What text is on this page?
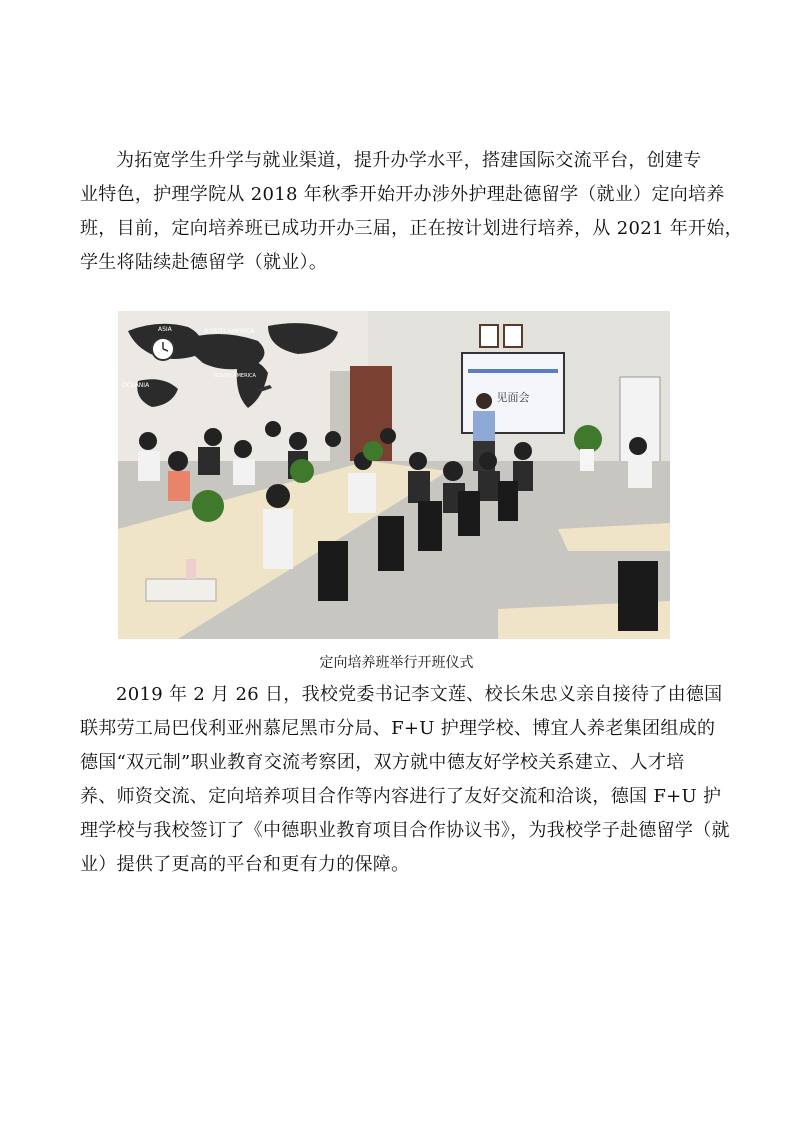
为拓宽学生升学与就业渠道，提升办学水平，搭建国际交流平台，创建专
业特色，护理学院从 2018 年秋季开始开办涉外护理赴德留学（就业）定向培养
班，目前，定向培养班已成功开办三届，正在按计划进行培养，从 2021 年开始，
学生将陆续赴德留学（就业）。
ASIA	NORTH AMERICA
SOUTH AMERICA
OCEANIA
见面会
定向培养班举行开班仪式
2019 年 2 月 26 日，我校党委书记李文莲、校长朱忠义亲自接待了由德国
联邦劳工局巴伐利亚州慕尼黑市分局、F+U 护理学校、博宜人养老集团组成的
德国“双元制”职业教育交流考察团，双方就中德友好学校关系建立、人才培
养、师资交流、定向培养项目合作等内容进行了友好交流和洽谈，德国 F+U 护
理学校与我校签订了《中德职业教育项目合作协议书》，为我校学子赴德留学（就
业）提供了更高的平台和更有力的保障。
